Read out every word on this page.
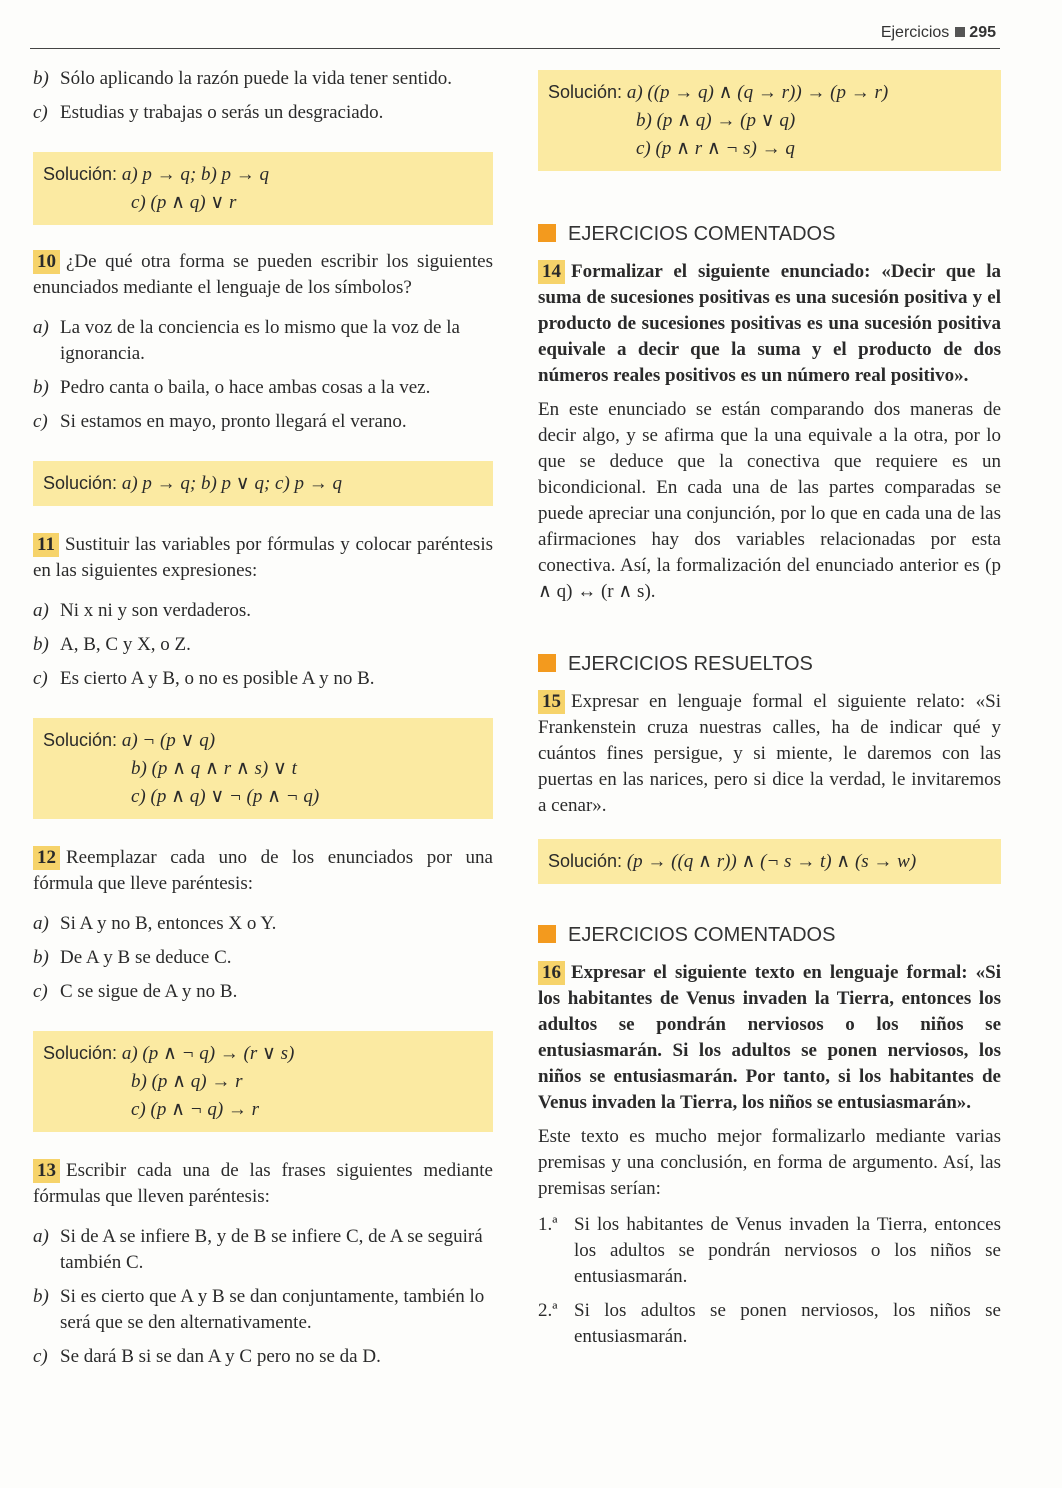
Ejercicios 295
b) Sólo aplicando la razón puede la vida tener sentido.
c) Estudias y trabajas o serás un desgraciado.
Solución: a) p → q; b) p → q
c) (p ∧ q) ∨ r
10 ¿De qué otra forma se pueden escribir los siguientes enunciados mediante el lenguaje de los símbolos?
a) La voz de la conciencia es lo mismo que la voz de la ignorancia.
b) Pedro canta o baila, o hace ambas cosas a la vez.
c) Si estamos en mayo, pronto llegará el verano.
Solución: a) p → q; b) p ∨ q; c) p → q
11 Sustituir las variables por fórmulas y colocar paréntesis en las siguientes expresiones:
a) Ni x ni y son verdaderos.
b) A, B, C y X, o Z.
c) Es cierto A y B, o no es posible A y no B.
Solución: a) ¬ (p ∨ q)
b) (p ∧ q ∧ r ∧ s) ∨ t
c) (p ∧ q) ∨ ¬ (p ∧ ¬ q)
12 Reemplazar cada uno de los enunciados por una fórmula que lleve paréntesis:
a) Si A y no B, entonces X o Y.
b) De A y B se deduce C.
c) C se sigue de A y no B.
Solución: a) (p ∧ ¬ q) → (r ∨ s)
b) (p ∧ q) → r
c) (p ∧ ¬ q) → r
13 Escribir cada una de las frases siguientes mediante fórmulas que lleven paréntesis:
a) Si de A se infiere B, y de B se infiere C, de A se seguirá también C.
b) Si es cierto que A y B se dan conjuntamente, también lo será que se den alternativamente.
c) Se dará B si se dan A y C pero no se da D.
Solución: a) ((p → q) ∧ (q → r)) → (p → r)
b) (p ∧ q) → (p ∨ q)
c) (p ∧ r ∧ ¬ s) → q
EJERCICIOS COMENTADOS
14 Formalizar el siguiente enunciado: «Decir que la suma de sucesiones positivas es una sucesión positiva y el producto de sucesiones positivas es una sucesión positiva equivale a decir que la suma y el producto de dos números reales positivos es un número real positivo».
En este enunciado se están comparando dos maneras de decir algo, y se afirma que la una equivale a la otra, por lo que se deduce que la conectiva que requiere es un bicondicional. En cada una de las partes comparadas se puede apreciar una conjunción, por lo que en cada una de las afirmaciones hay dos variables relacionadas por esta conectiva. Así, la formalización del enunciado anterior es (p ∧ q) ↔ (r ∧ s).
EJERCICIOS RESUELTOS
15 Expresar en lenguaje formal el siguiente relato: «Si Frankenstein cruza nuestras calles, ha de indicar qué y cuántos fines persigue, y si miente, le daremos con las puertas en las narices, pero si dice la verdad, le invitaremos a cenar».
Solución: (p → ((q ∧ r)) ∧ (¬ s → t) ∧ (s → w)
EJERCICIOS COMENTADOS
16 Expresar el siguiente texto en lenguaje formal: «Si los habitantes de Venus invaden la Tierra, entonces los adultos se pondrán nerviosos o los niños se entusiasmarán. Si los adultos se ponen nerviosos, los niños se entusiasmarán. Por tanto, si los habitantes de Venus invaden la Tierra, los niños se entusiasmarán».
Este texto es mucho mejor formalizarlo mediante varias premisas y una conclusión, en forma de argumento. Así, las premisas serían:
1.ª Si los habitantes de Venus invaden la Tierra, entonces los adultos se pondrán nerviosos o los niños se entusiasmarán.
2.ª Si los adultos se ponen nerviosos, los niños se entusiasmarán.
